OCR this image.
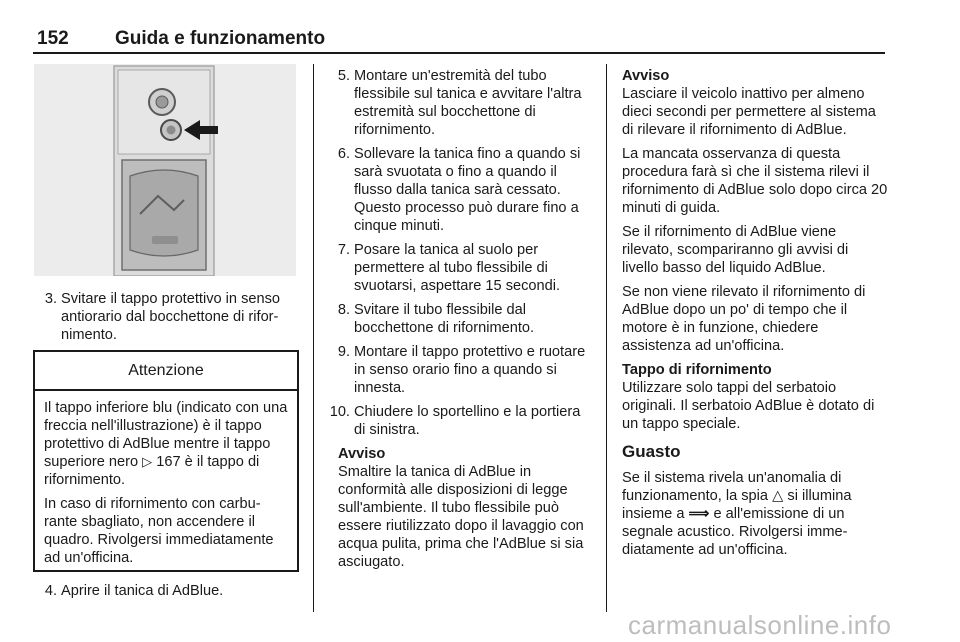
152 Guida e funzionamento
3. Svitare il tappo protettivo in senso antiorario dal bocchettone di rifornimento.
Attenzione

Il tappo inferiore blu (indicato con una freccia nell'illustrazione) è il tappo protettivo di AdBlue mentre il tappo superiore nero ▷ 167 è il tappo di rifornimento.

In caso di rifornimento con carburante sbagliato, non accendere il quadro. Rivolgersi immediatamente ad un'officina.

4. Aprire il tanica di AdBlue.
5. Montare un'estremità del tubo flessibile sul tanica e avvitare l'altra estremità sul bocchettone di rifornimento.
6. Sollevare la tanica fino a quando si sarà svuotata o fino a quando il flusso dalla tanica sarà cessato. Questo processo può durare fino a cinque minuti.
7. Posare la tanica al suolo per permettere al tubo flessibile di svuotarsi, aspettare 15 secondi.
8. Svitare il tubo flessibile dal bocchettone di rifornimento.
9. Montare il tappo protettivo e ruotare in senso orario fino a quando si innesta.
10. Chiudere lo sportellino e la portiera di sinistra.
Avviso
Smaltire la tanica di AdBlue in conformità alle disposizioni di legge sull'ambiente. Il tubo flessibile può essere riutilizzato dopo il lavaggio con acqua pulita, prima che l'AdBlue si sia asciugato.
Avviso

Lasciare il veicolo inattivo per almeno dieci secondi per permettere al sistema di rilevare il rifornimento di AdBlue.

La mancata osservanza di questa procedura farà sì che il sistema rilevi il rifornimento di AdBlue solo dopo circa 20 minuti di guida.

Se il rifornimento di AdBlue viene rilevato, scompariranno gli avvisi di livello basso del liquido AdBlue.

Se non viene rilevato il rifornimento di AdBlue dopo un po' di tempo che il motore è in funzione, chiedere assistenza ad un'officina.

Tappo di rifornimento
Utilizzare solo tappi del serbatoio originali. Il serbatoio AdBlue è dotato di un tappo speciale.
Guasto
Se il sistema rivela un'anomalia di funzionamento, la spia △ si illumina insieme a ⟹ e all'emissione di un segnale acustico. Rivolgersi immediatamente ad un'officina.
carmanualsonline.info
